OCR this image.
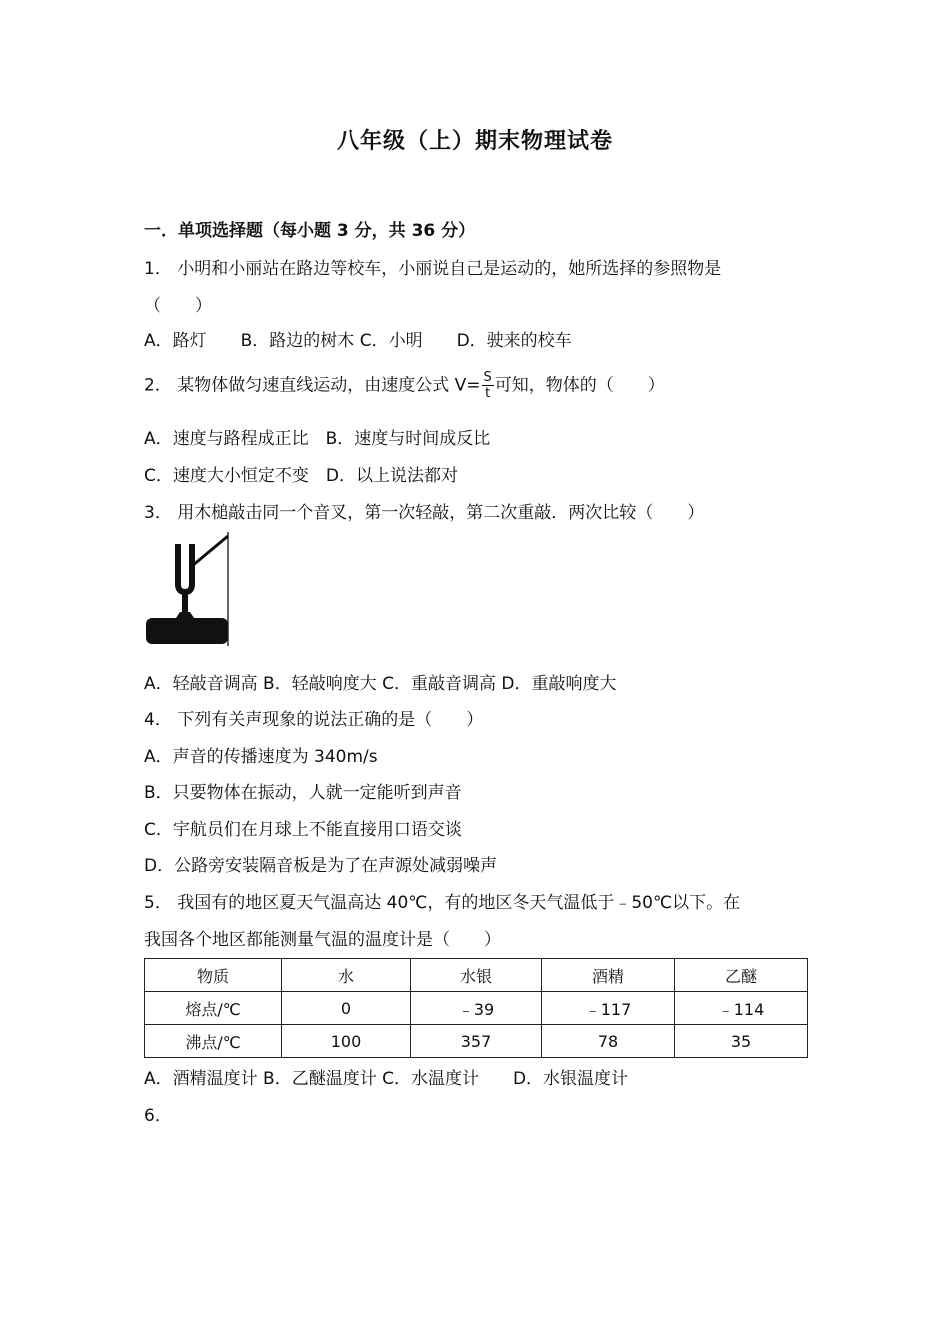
八年级（上）期末物理试卷
一．单项选择题（每小题 3 分，共 36 分）
1． 小明和小丽站在路边等校车，小丽说自己是运动的，她所选择的参照物是
（　　）
A．路灯　　B．路边的树木 C．小明　　D．驶来的校车
2． 某物体做匀速直线运动，由速度公式 $V= \frac{S}{t}$ 可知，物体的（　　）
A．速度与路程成正比　B．速度与时间成反比
C．速度大小恒定不变　D．以上说法都对
3． 用木槌敲击同一个音叉，第一次轻敲，第二次重敲．两次比较（　　）
A．轻敲音调高 B．轻敲响度大 C．重敲音调高 D．重敲响度大
4． 下列有关声现象的说法正确的是（　　）
A．声音的传播速度为 340m/s
B．只要物体在振动，人就一定能听到声音
C．宇航员们在月球上不能直接用口语交谈
D．公路旁安装隔音板是为了在声源处减弱噪声
5． 我国有的地区夏天气温高达 40℃，有的地区冬天气温低于﹣50℃以下。在
我国各个地区都能测量气温的温度计是（　　）
物质	水	水银	酒精	乙醚
熔点/℃	0	﹣39	﹣117	﹣114
沸点/℃	100	357	78	35
A．酒精温度计 B．乙醚温度计 C．水温度计　　D．水银温度计
6．
